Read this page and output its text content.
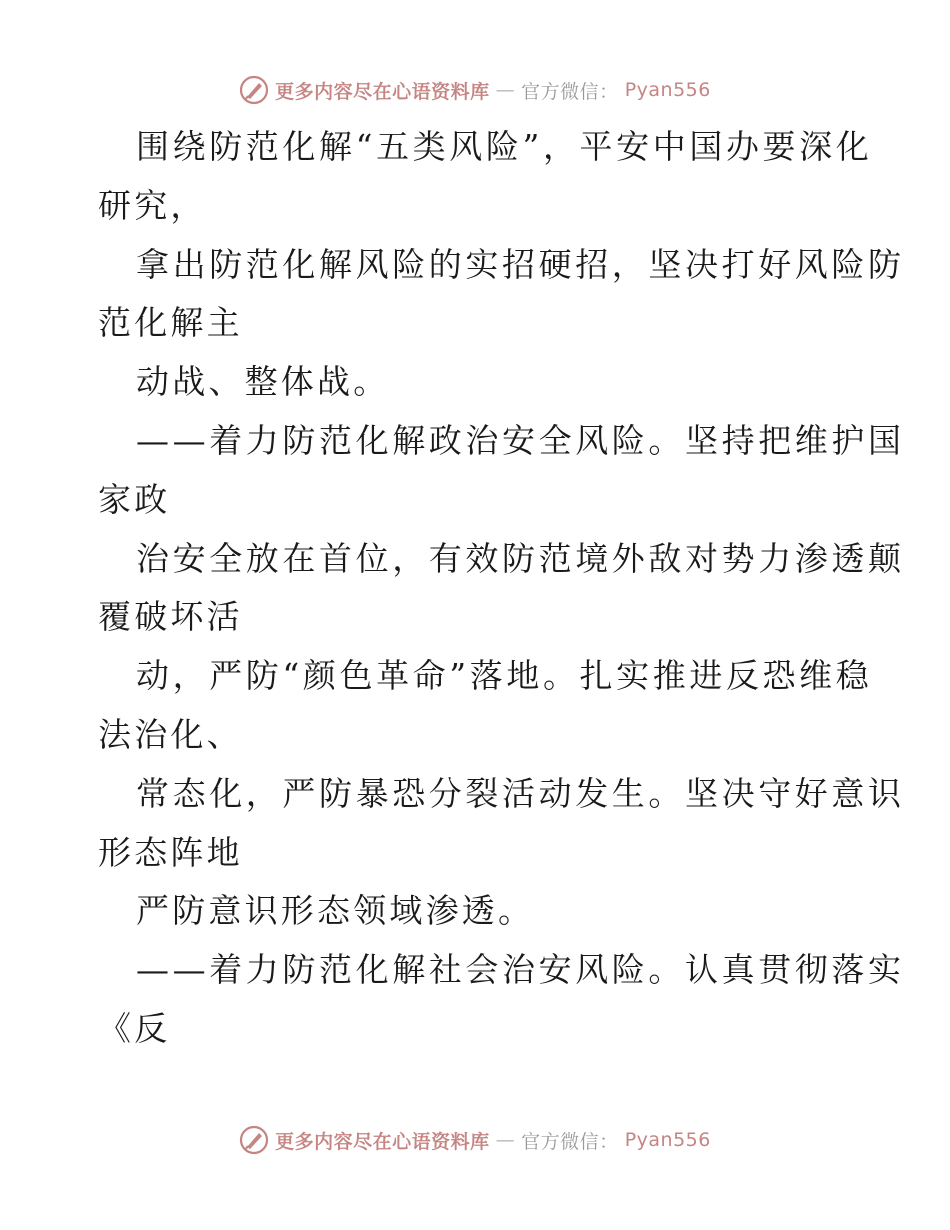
更多内容尽在心语资料库 — 官方微信： Pyan556
围绕防范化解“五类风险”，平安中国办要深化
研究，
拿出防范化解风险的实招硬招，坚决打好风险防
范化解主
动战、整体战。
——着力防范化解政治安全风险。坚持把维护国
家政
治安全放在首位，有效防范境外敌对势力渗透颠
覆破坏活
动，严防“颜色革命”落地。扎实推进反恐维稳
法治化、
常态化，严防暴恐分裂活动发生。坚决守好意识
形态阵地
严防意识形态领域渗透。
——着力防范化解社会治安风险。认真贯彻落实
《反
更多内容尽在心语资料库 — 官方微信： Pyan556
